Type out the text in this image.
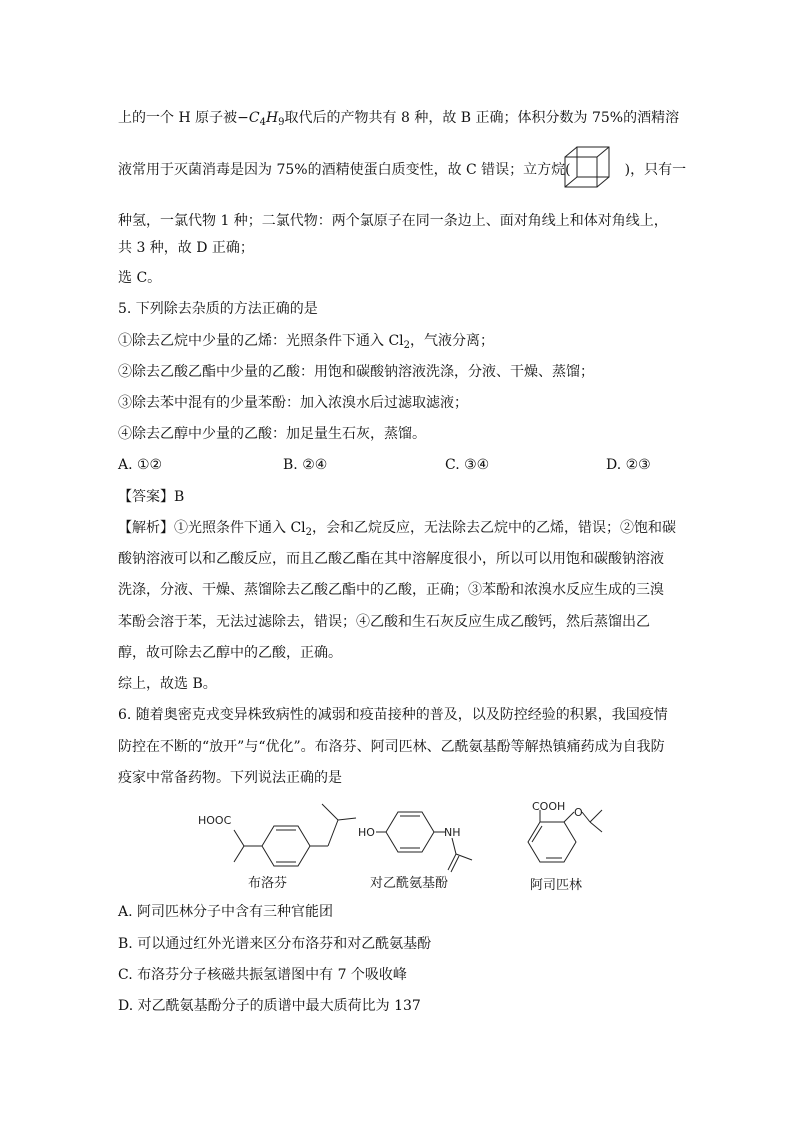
上的一个 H 原子被$-C_4H_9$取代后的产物共有 8 种，故 B 正确；体积分数为 75%的酒精溶
液常用于灭菌消毒是因为 75%的酒精使蛋白质变性，故 C 错误；立方烷(	)，只有一
种氢，一氯代物 1 种；二氯代物：两个氯原子在同一条边上、面对角线上和体对角线上，
共 3 种，故 D 正确；
选 C。
5. 下列除去杂质的方法正确的是
①除去乙烷中少量的乙烯：光照条件下通入 $Cl_2$，气液分离；
②除去乙酸乙酯中少量的乙酸：用饱和碳酸钠溶液洗涤，分液、干燥、蒸馏；
③除去苯中混有的少量苯酚：加入浓溴水后过滤取滤液；
④除去乙醇中少量的乙酸：加足量生石灰，蒸馏。
A. ①②	B. ②④	C. ③④	D. ②③
【答案】B
【解析】①光照条件下通入 $Cl_2$，会和乙烷反应，无法除去乙烷中的乙烯，错误；②饱和碳
酸钠溶液可以和乙酸反应，而且乙酸乙酯在其中溶解度很小，所以可以用饱和碳酸钠溶液
洗涤，分液、干燥、蒸馏除去乙酸乙酯中的乙酸，正确；③苯酚和浓溴水反应生成的三溴
苯酚会溶于苯，无法过滤除去，错误；④乙酸和生石灰反应生成乙酸钙，然后蒸馏出乙
醇，故可除去乙醇中的乙酸，正确。
综上，故选 B。
6. 随着奥密克戎变异株致病性的减弱和疫苗接种的普及，以及防控经验的积累，我国疫情
防控在不断的“放开”与“优化”。布洛芬、阿司匹林、乙酰氨基酚等解热镇痛药成为自我防
疫家中常备药物。下列说法正确的是
HOOC
HO	NH
COOH O
布洛芬	对乙酰氨基酚	阿司匹林
A. 阿司匹林分子中含有三种官能团
B. 可以通过红外光谱来区分布洛芬和对乙酰氨基酚
C. 布洛芬分子核磁共振氢谱图中有 7 个吸收峰
D. 对乙酰氨基酚分子的质谱中最大质荷比为 137
